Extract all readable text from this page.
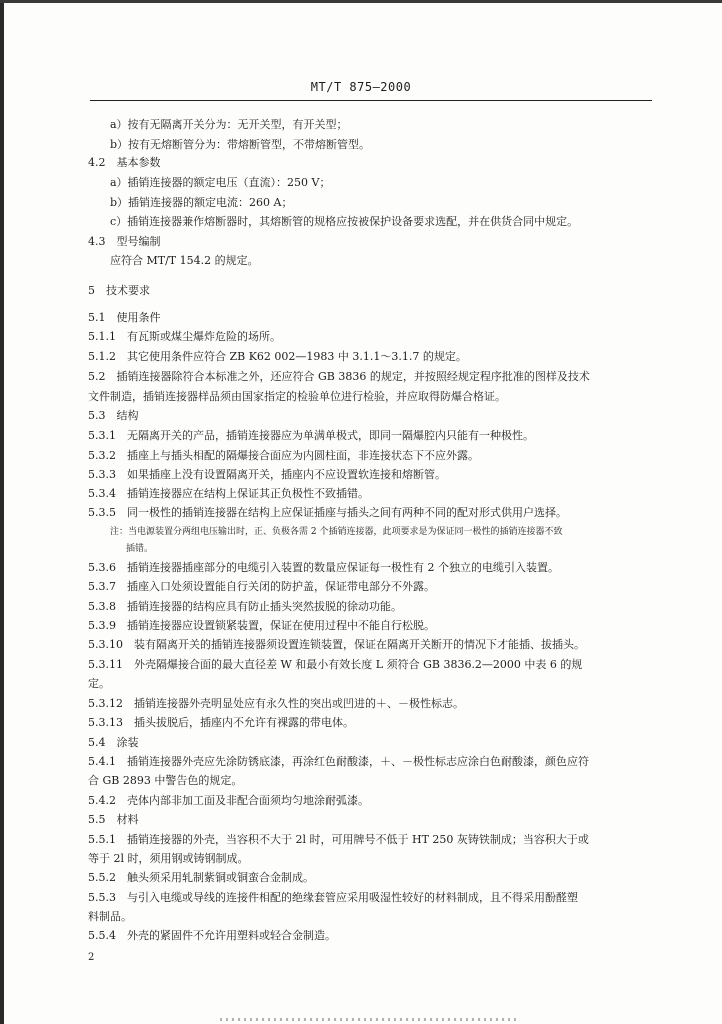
MT/T 875—2000
a）按有无隔离开关分为：无开关型，有开关型；
b）按有无熔断管分为：带熔断管型，不带熔断管型。
4.2　基本参数
a）插销连接器的额定电压（直流）：250 V；
b）插销连接器的额定电流：260 A；
c）插销连接器兼作熔断器时，其熔断管的规格应按被保护设备要求选配，并在供货合同中规定。
4.3　型号编制
应符合 MT/T 154.2 的规定。
5　技术要求
5.1　使用条件
5.1.1　有瓦斯或煤尘爆炸危险的场所。
5.1.2　其它使用条件应符合 ZB K62 002—1983 中 3.1.1～3.1.7 的规定。
5.2　插销连接器除符合本标准之外，还应符合 GB 3836 的规定，并按照经规定程序批准的图样及技术
文件制造，插销连接器样品须由国家指定的检验单位进行检验，并应取得防爆合格证。
5.3　结构
5.3.1　无隔离开关的产品，插销连接器应为单满单极式，即同一隔爆腔内只能有一种极性。
5.3.2　插座上与插头相配的隔爆接合面应为内圆柱面，非连接状态下不应外露。
5.3.3　如果插座上没有设置隔离开关，插座内不应设置软连接和熔断管。
5.3.4　插销连接器应在结构上保证其正负极性不致插错。
5.3.5　同一极性的插销连接器在结构上应保证插座与插头之间有两种不同的配对形式供用户选择。
注：当电源装置分两组电压输出时，正、负极各需 2 个插销连接器，此项要求是为保证同一极性的插销连接器不致
插错。
5.3.6　插销连接器插座部分的电缆引入装置的数量应保证每一极性有 2 个独立的电缆引入装置。
5.3.7　插座入口处须设置能自行关闭的防护盖，保证带电部分不外露。
5.3.8　插销连接器的结构应具有防止插头突然拔脱的徐动功能。
5.3.9　插销连接器应设置锁紧装置，保证在使用过程中不能自行松脱。
5.3.10　装有隔离开关的插销连接器须设置连锁装置，保证在隔离开关断开的情况下才能插、拔插头。
5.3.11　外壳隔爆接合面的最大直径差 W 和最小有效长度 L 须符合 GB 3836.2—2000 中表 6 的规
定。
5.3.12　插销连接器外壳明显处应有永久性的突出或凹进的＋、－极性标志。
5.3.13　插头拔脱后，插座内不允许有裸露的带电体。
5.4　涂装
5.4.1　插销连接器外壳应先涂防锈底漆，再涂红色耐酸漆，＋、－极性标志应涂白色耐酸漆，颜色应符
合 GB 2893 中警告色的规定。
5.4.2　壳体内部非加工面及非配合面须均匀地涂耐弧漆。
5.5　材料
5.5.1　插销连接器的外壳，当容积不大于 2l 时，可用牌号不低于 HT 250 灰铸铁制成；当容积大于或
等于 2l 时，须用钢或铸钢制成。
5.5.2　触头须采用轧制紫铜或铜蛮合金制成。
5.5.3　与引入电缆或导线的连接件相配的绝缘套管应采用吸湿性较好的材料制成，且不得采用酚醛塑
料制品。
5.5.4　外壳的紧固件不允许用塑料或轻合金制造。
2
